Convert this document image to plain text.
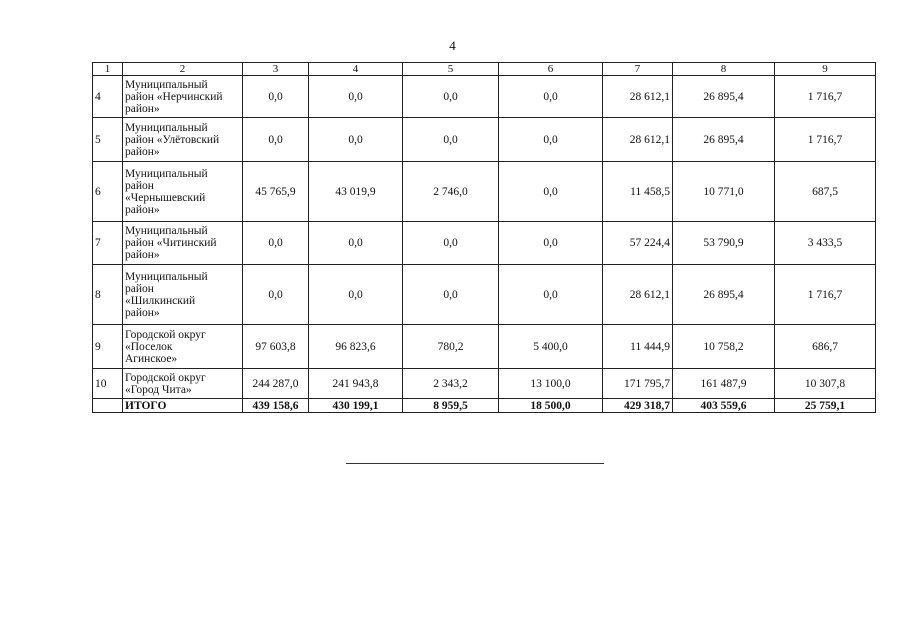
4
1	2	3	4	5	6	7	8	9
4	Муниципальный
район «Нерчинский
район»	0,0	0,0	0,0	0,0	28 612,1	26 895,4	1 716,7
5	Муниципальный
район «Улётовский
район»	0,0	0,0	0,0	0,0	28 612,1	26 895,4	1 716,7
6	Муниципальный
район
«Чернышевский
район»	45 765,9	43 019,9	2 746,0	0,0	11 458,5	10 771,0	687,5
7	Муниципальный
район «Читинский
район»	0,0	0,0	0,0	0,0	57 224,4	53 790,9	3 433,5
8	Муниципальный
район
«Шилкинский
район»	0,0	0,0	0,0	0,0	28 612,1	26 895,4	1 716,7
9	Городской округ
«Поселок
Агинское»	97 603,8	96 823,6	780,2	5 400,0	11 444,9	10 758,2	686,7
10	Городской округ
«Город Чита»	244 287,0	241 943,8	2 343,2	13 100,0	171 795,7	161 487,9	10 307,8
	ИТОГО	439 158,6	430 199,1	8 959,5	18 500,0	429 318,7	403 559,6	25 759,1
